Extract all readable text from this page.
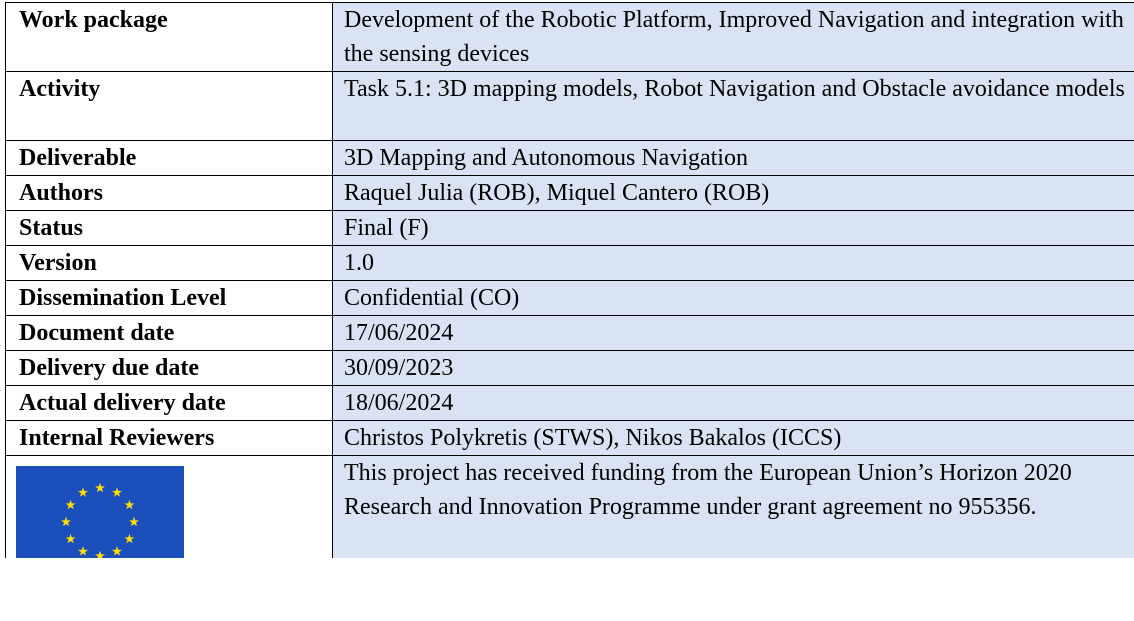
Work package	Development of the Robotic Platform, Improved Navigation and integration with the sensing devices
Activity	Task 5.1: 3D mapping models, Robot Navigation and Obstacle avoidance models
Deliverable	3D Mapping and Autonomous Navigation
Authors	Raquel Julia (ROB), Miquel Cantero (ROB)
Status	Final (F)
Version	1.0
Dissemination Level	Confidential (CO)
Document date	17/06/2024
Delivery due date	30/09/2023
Actual delivery date	18/06/2024
Internal Reviewers	Christos Polykretis (STWS), Nikos Bakalos (ICCS)

	This project has received funding from the European Union’s Horizon 2020 Research and Innovation Programme under grant agreement no 955356.
